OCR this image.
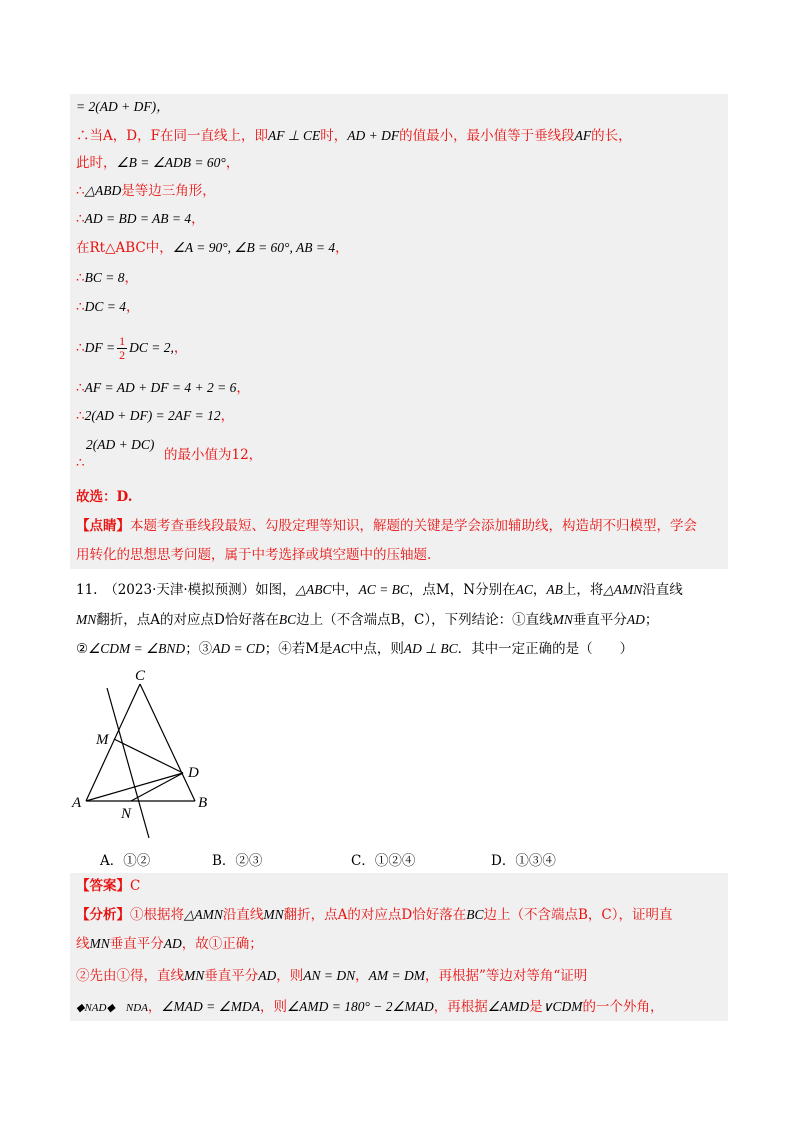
= 2(AD + DF)，
∴当A，D，F在同一直线上，即AF ⊥ CE时，AD + DF的值最小，最小值等于垂线段AF的长，
此时，∠B = ∠ADB = 60°，
∴△ABD是等边三角形，
∴AD = BD = AB = 4，
在Rt△ABC中，∠A = 90°, ∠B = 60°, AB = 4，
∴BC = 8，
∴DC = 4，
∴DF = $\frac{1}{2}$ DC = 2,，
∴AF = AD + DF = 4 + 2 = 6，
∴2(AD + DF) = 2AF = 12，
2(AD + DC)
∴	的最小值为12，
故选：D.
【点睛】本题考查垂线段最短、勾股定理等知识，解题的关键是学会添加辅助线，构造胡不归模型，学会
用转化的思想思考问题，属于中考选择或填空题中的压轴题.
11.　（2023·天津·模拟预测）如图，△ABC中，AC = BC，点M，N分别在AC，AB上，将△AMN沿直线
MN翻折，点A的对应点D恰好落在BC边上（不含端点B，C），下列结论：①直线MN垂直平分AD；
②∠CDM = ∠BND；③AD = CD；④若M是AC中点，则AD ⊥ BC．其中一定正确的是（　　）
C
M
D
A
N
B
A．①②	B．②③	C．①②④	D．①③④
【答案】C
【分析】①根据将△AMN沿直线MN翻折，点A的对应点D恰好落在BC边上（不含端点B，C），证明直
线MN垂直平分AD，故①正确；
②先由①得，直线MN垂直平分AD，则AN = DN，AM = DM，再根据”等边对等角“证明
◆NAD◆　NDA，∠MAD = ∠MDA，则∠AMD = 180° − 2∠MAD，再根据∠AMD是∨CDM的一个外角，
